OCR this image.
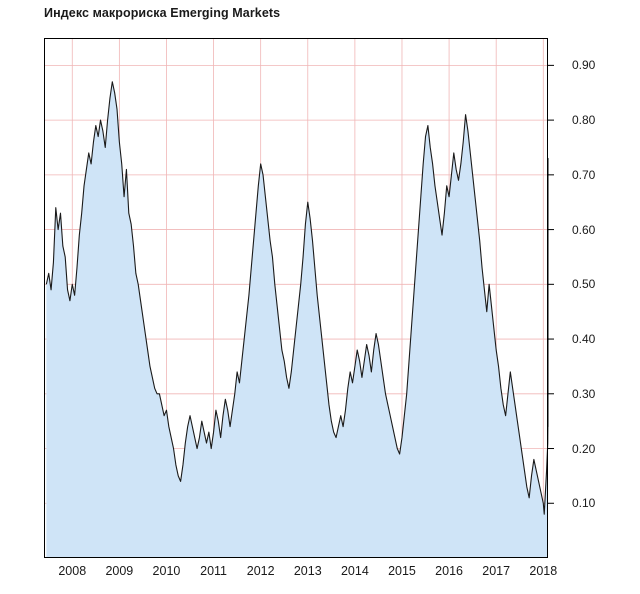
Индекс макрориска Emerging Markets
0.10
0.20
0.30
0.40
0.50
0.60
0.70
0.80
0.90
2008 2009 2010 2011 2012 2013 2014 2015 2016 2017 2018
